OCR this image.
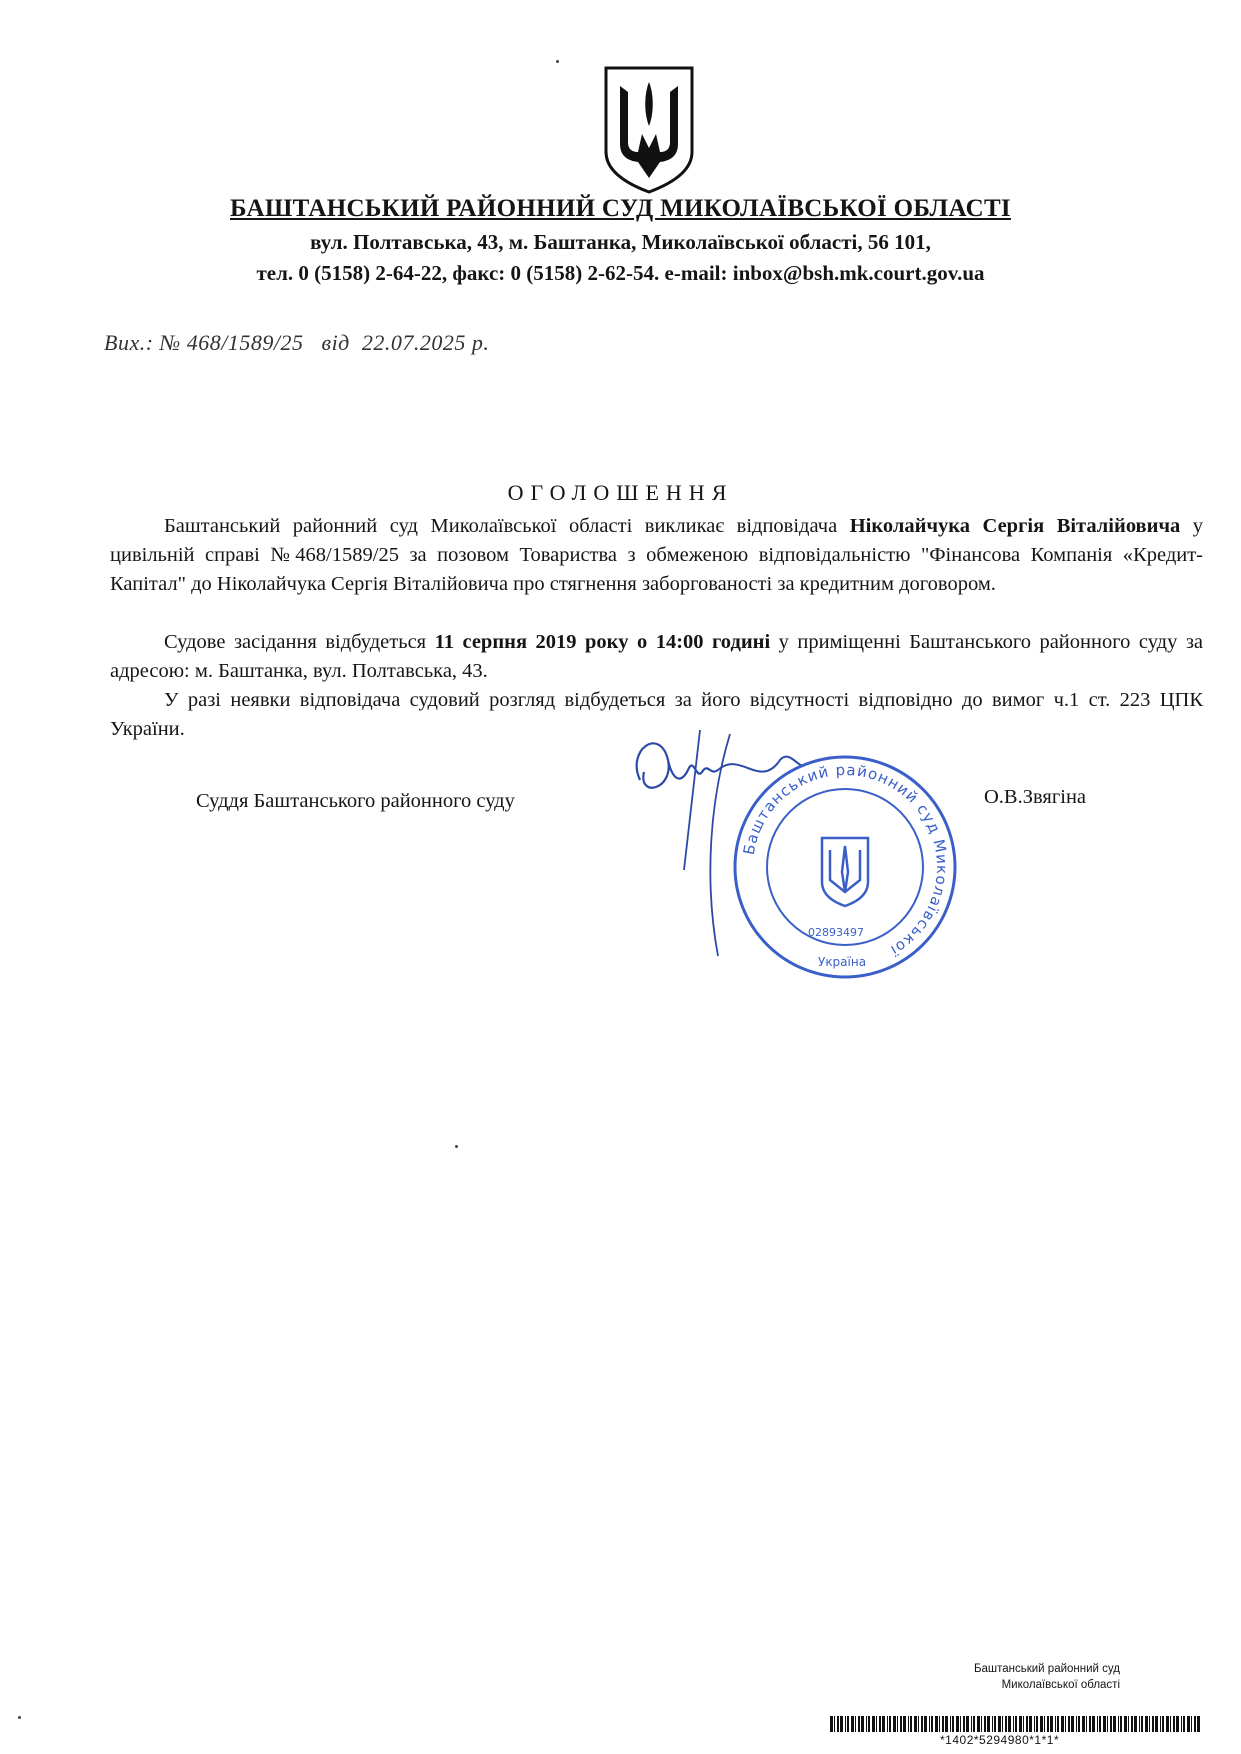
БАШТАНСЬКИЙ РАЙОННИЙ СУД МИКОЛАЇВСЬКОЇ ОБЛАСТІ
вул. Полтавська, 43, м. Баштанка, Миколаївської області, 56 101,
тел. 0 (5158) 2-64-22, факс: 0 (5158) 2-62-54. e-mail: inbox@bsh.mk.court.gov.ua
Вих.: № 468/1589/25 від 22.07.2025 р.
ОГОЛОШЕННЯ
Баштанський районний суд Миколаївської області викликає відповідача Ніколайчука Сергія Віталійовича у цивільній справі №468/1589/25 за позовом Товариства з обмеженою відповідальністю "Фінансова Компанія «Кредит-Капітал" до Ніколайчука Сергія Віталійовича про стягнення заборгованості за кредитним договором.
Судове засідання відбудеться 11 серпня 2019 року о 14:00 годині у приміщенні Баштанського районного суду за адресою: м. Баштанка, вул. Полтавська, 43.
У разі неявки відповідача судовий розгляд відбудеться за його відсутності відповідно до вимог ч.1 ст. 223 ЦПК України.
Суддя Баштанського районного суду	О.В.Звягіна
Баштанський районний суд Миколаївської
02893497
Україна
Баштанський районний суд
Миколаївської області
*1402*5294980*1*1*
